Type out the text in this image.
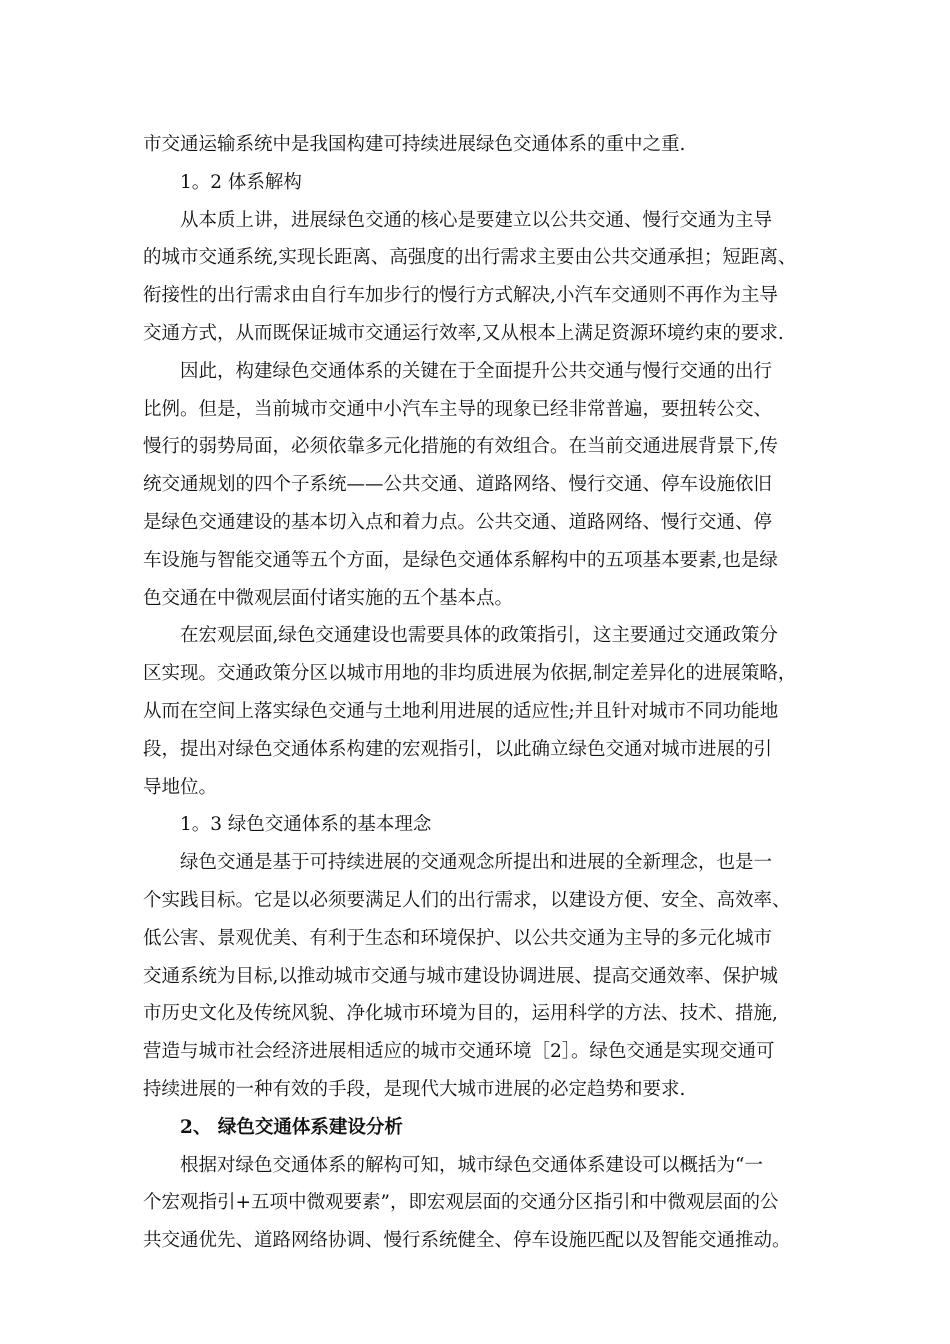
市交通运输系统中是我国构建可持续进展绿色交通体系的重中之重.
1。2 体系解构
从本质上讲，进展绿色交通的核心是要建立以公共交通、慢行交通为主导
的城市交通系统,实现长距离、高强度的出行需求主要由公共交通承担；短距离、
衔接性的出行需求由自行车加步行的慢行方式解决,小汽车交通则不再作为主导
交通方式，从而既保证城市交通运行效率,又从根本上满足资源环境约束的要求.
因此，构建绿色交通体系的关键在于全面提升公共交通与慢行交通的出行
比例。但是，当前城市交通中小汽车主导的现象已经非常普遍，要扭转公交、
慢行的弱势局面，必须依靠多元化措施的有效组合。在当前交通进展背景下,传
统交通规划的四个子系统——公共交通、道路网络、慢行交通、停车设施依旧
是绿色交通建设的基本切入点和着力点。公共交通、道路网络、慢行交通、停
车设施与智能交通等五个方面，是绿色交通体系解构中的五项基本要素,也是绿
色交通在中微观层面付诸实施的五个基本点。
在宏观层面,绿色交通建设也需要具体的政策指引，这主要通过交通政策分
区实现。交通政策分区以城市用地的非均质进展为依据,制定差异化的进展策略，
从而在空间上落实绿色交通与土地利用进展的适应性;并且针对城市不同功能地
段，提出对绿色交通体系构建的宏观指引，以此确立绿色交通对城市进展的引
导地位。
1。3 绿色交通体系的基本理念
绿色交通是基于可持续进展的交通观念所提出和进展的全新理念，也是一
个实践目标。它是以必须要满足人们的出行需求，以建设方便、安全、高效率、
低公害、景观优美、有利于生态和环境保护、以公共交通为主导的多元化城市
交通系统为目标,以推动城市交通与城市建设协调进展、提高交通效率、保护城
市历史文化及传统风貌、净化城市环境为目的，运用科学的方法、技术、措施,
营造与城市社会经济进展相适应的城市交通环境［2］。绿色交通是实现交通可
持续进展的一种有效的手段，是现代大城市进展的必定趋势和要求.
2、 绿色交通体系建设分析
根据对绿色交通体系的解构可知，城市绿色交通体系建设可以概括为“一
个宏观指引+五项中微观要素”，即宏观层面的交通分区指引和中微观层面的公
共交通优先、道路网络协调、慢行系统健全、停车设施匹配以及智能交通推动。
